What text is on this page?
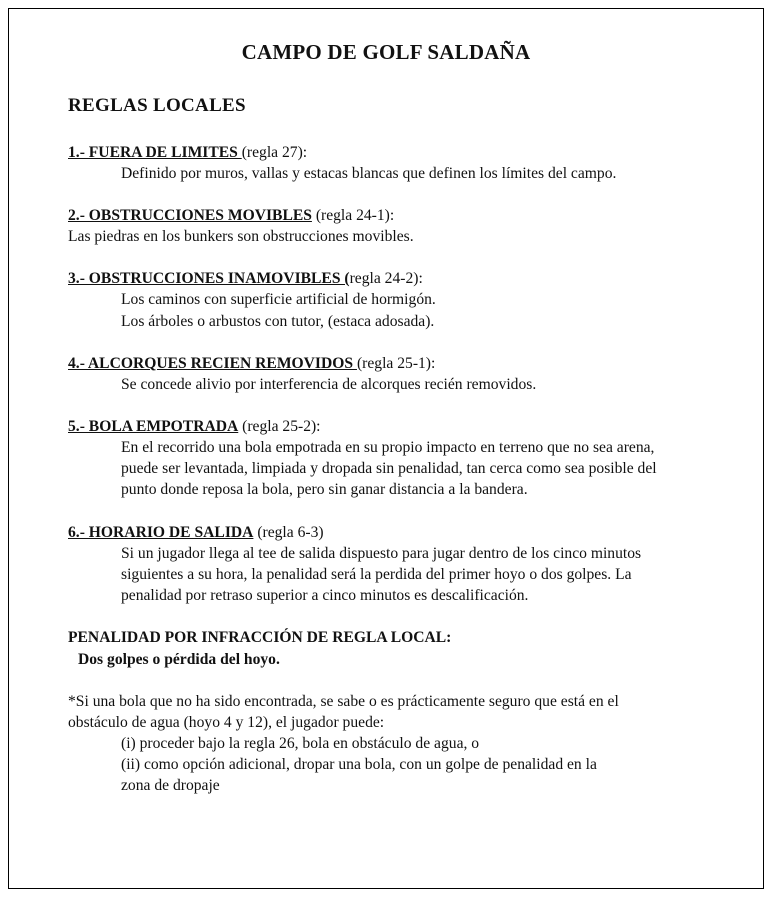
CAMPO DE GOLF SALDAÑA
REGLAS LOCALES
1.- FUERA DE LIMITES (regla 27):
Definido por muros, vallas y estacas blancas que definen los límites del campo.
2.- OBSTRUCCIONES MOVIBLES (regla 24-1):
Las piedras en los bunkers son obstrucciones movibles.
3.- OBSTRUCCIONES INAMOVIBLES (regla 24-2):
Los caminos con superficie artificial de hormigón.
Los árboles o arbustos con tutor, (estaca adosada).
4.- ALCORQUES RECIEN REMOVIDOS (regla 25-1):
Se concede alivio por interferencia de alcorques recién removidos.
5.- BOLA EMPOTRADA (regla 25-2):
En el recorrido una bola empotrada en su propio impacto en terreno que no sea arena,
puede ser levantada, limpiada y dropada sin penalidad, tan cerca como sea posible del
punto donde reposa la bola, pero sin ganar distancia a la bandera.
6.- HORARIO DE SALIDA (regla 6-3)
Si un jugador llega al tee de salida dispuesto para jugar dentro de los cinco minutos
siguientes a su hora, la penalidad será la perdida del primer hoyo o dos golpes. La
penalidad por retraso superior a cinco minutos es descalificación.
PENALIDAD POR INFRACCIÓN DE REGLA LOCAL:
Dos golpes o pérdida del hoyo.
*Si una bola que no ha sido encontrada, se sabe o es prácticamente seguro que está en el
obstáculo de agua (hoyo 4 y 12), el jugador puede:
(i) proceder bajo la regla 26, bola en obstáculo de agua, o
(ii) como opción adicional, dropar una bola, con un golpe de penalidad en la
zona de dropaje
